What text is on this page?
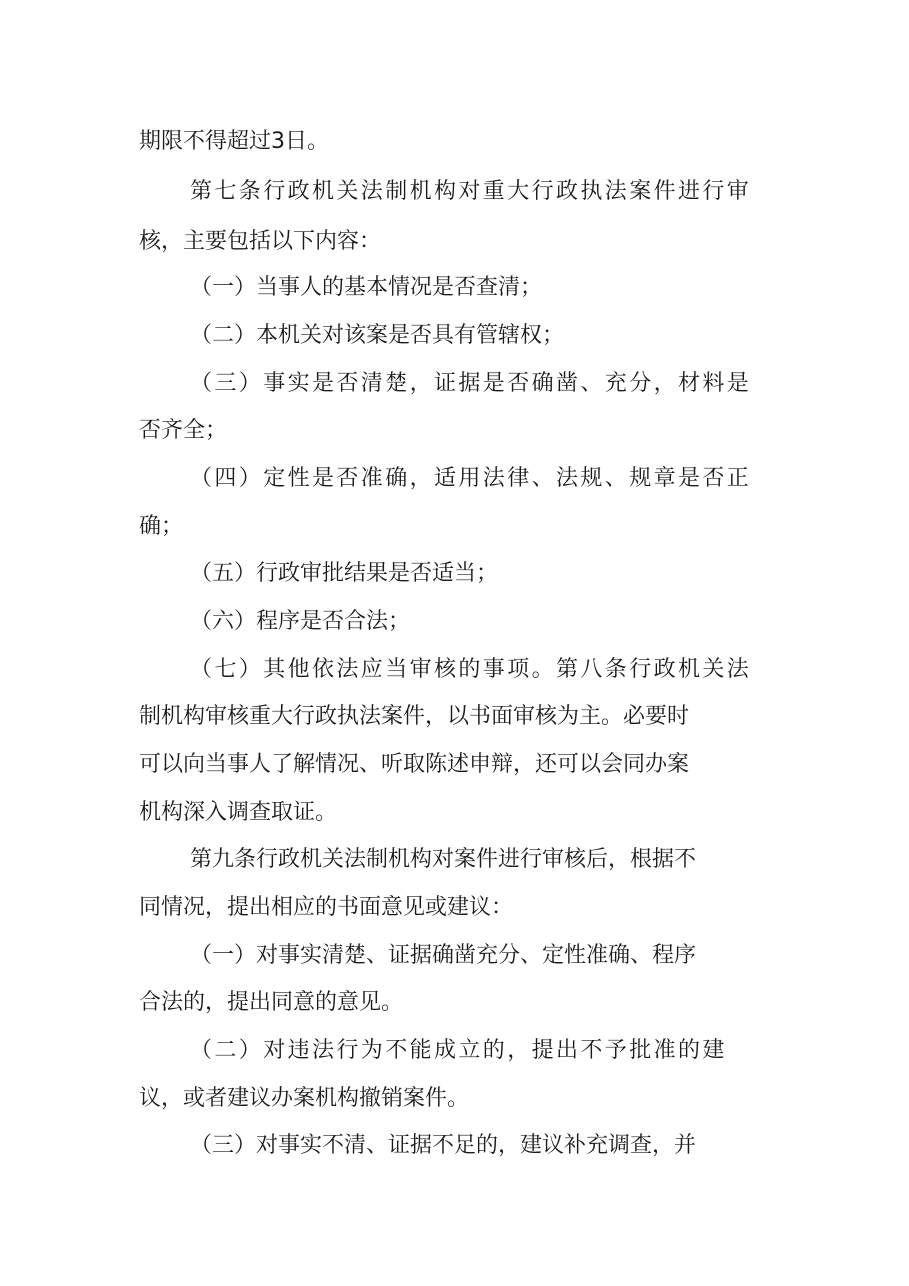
期限不得超过3日。
第七条行政机关法制机构对重大行政执法案件进行审
核，主要包括以下内容：
（一）当事人的基本情况是否查清；
（二）本机关对该案是否具有管辖权；
（三）事实是否清楚，证据是否确凿、充分，材料是
否齐全；
（四）定性是否准确，适用法律、法规、规章是否正
确；
（五）行政审批结果是否适当；
（六）程序是否合法；
（七）其他依法应当审核的事项。第八条行政机关法
制机构审核重大行政执法案件，以书面审核为主。必要时
可以向当事人了解情况、听取陈述申辩，还可以会同办案
机构深入调查取证。
第九条行政机关法制机构对案件进行审核后，根据不
同情况，提出相应的书面意见或建议：
（一）对事实清楚、证据确凿充分、定性准确、程序
合法的，提出同意的意见。
（二）对违法行为不能成立的，提出不予批准的建
议，或者建议办案机构撤销案件。
（三）对事实不清、证据不足的，建议补充调查，并
